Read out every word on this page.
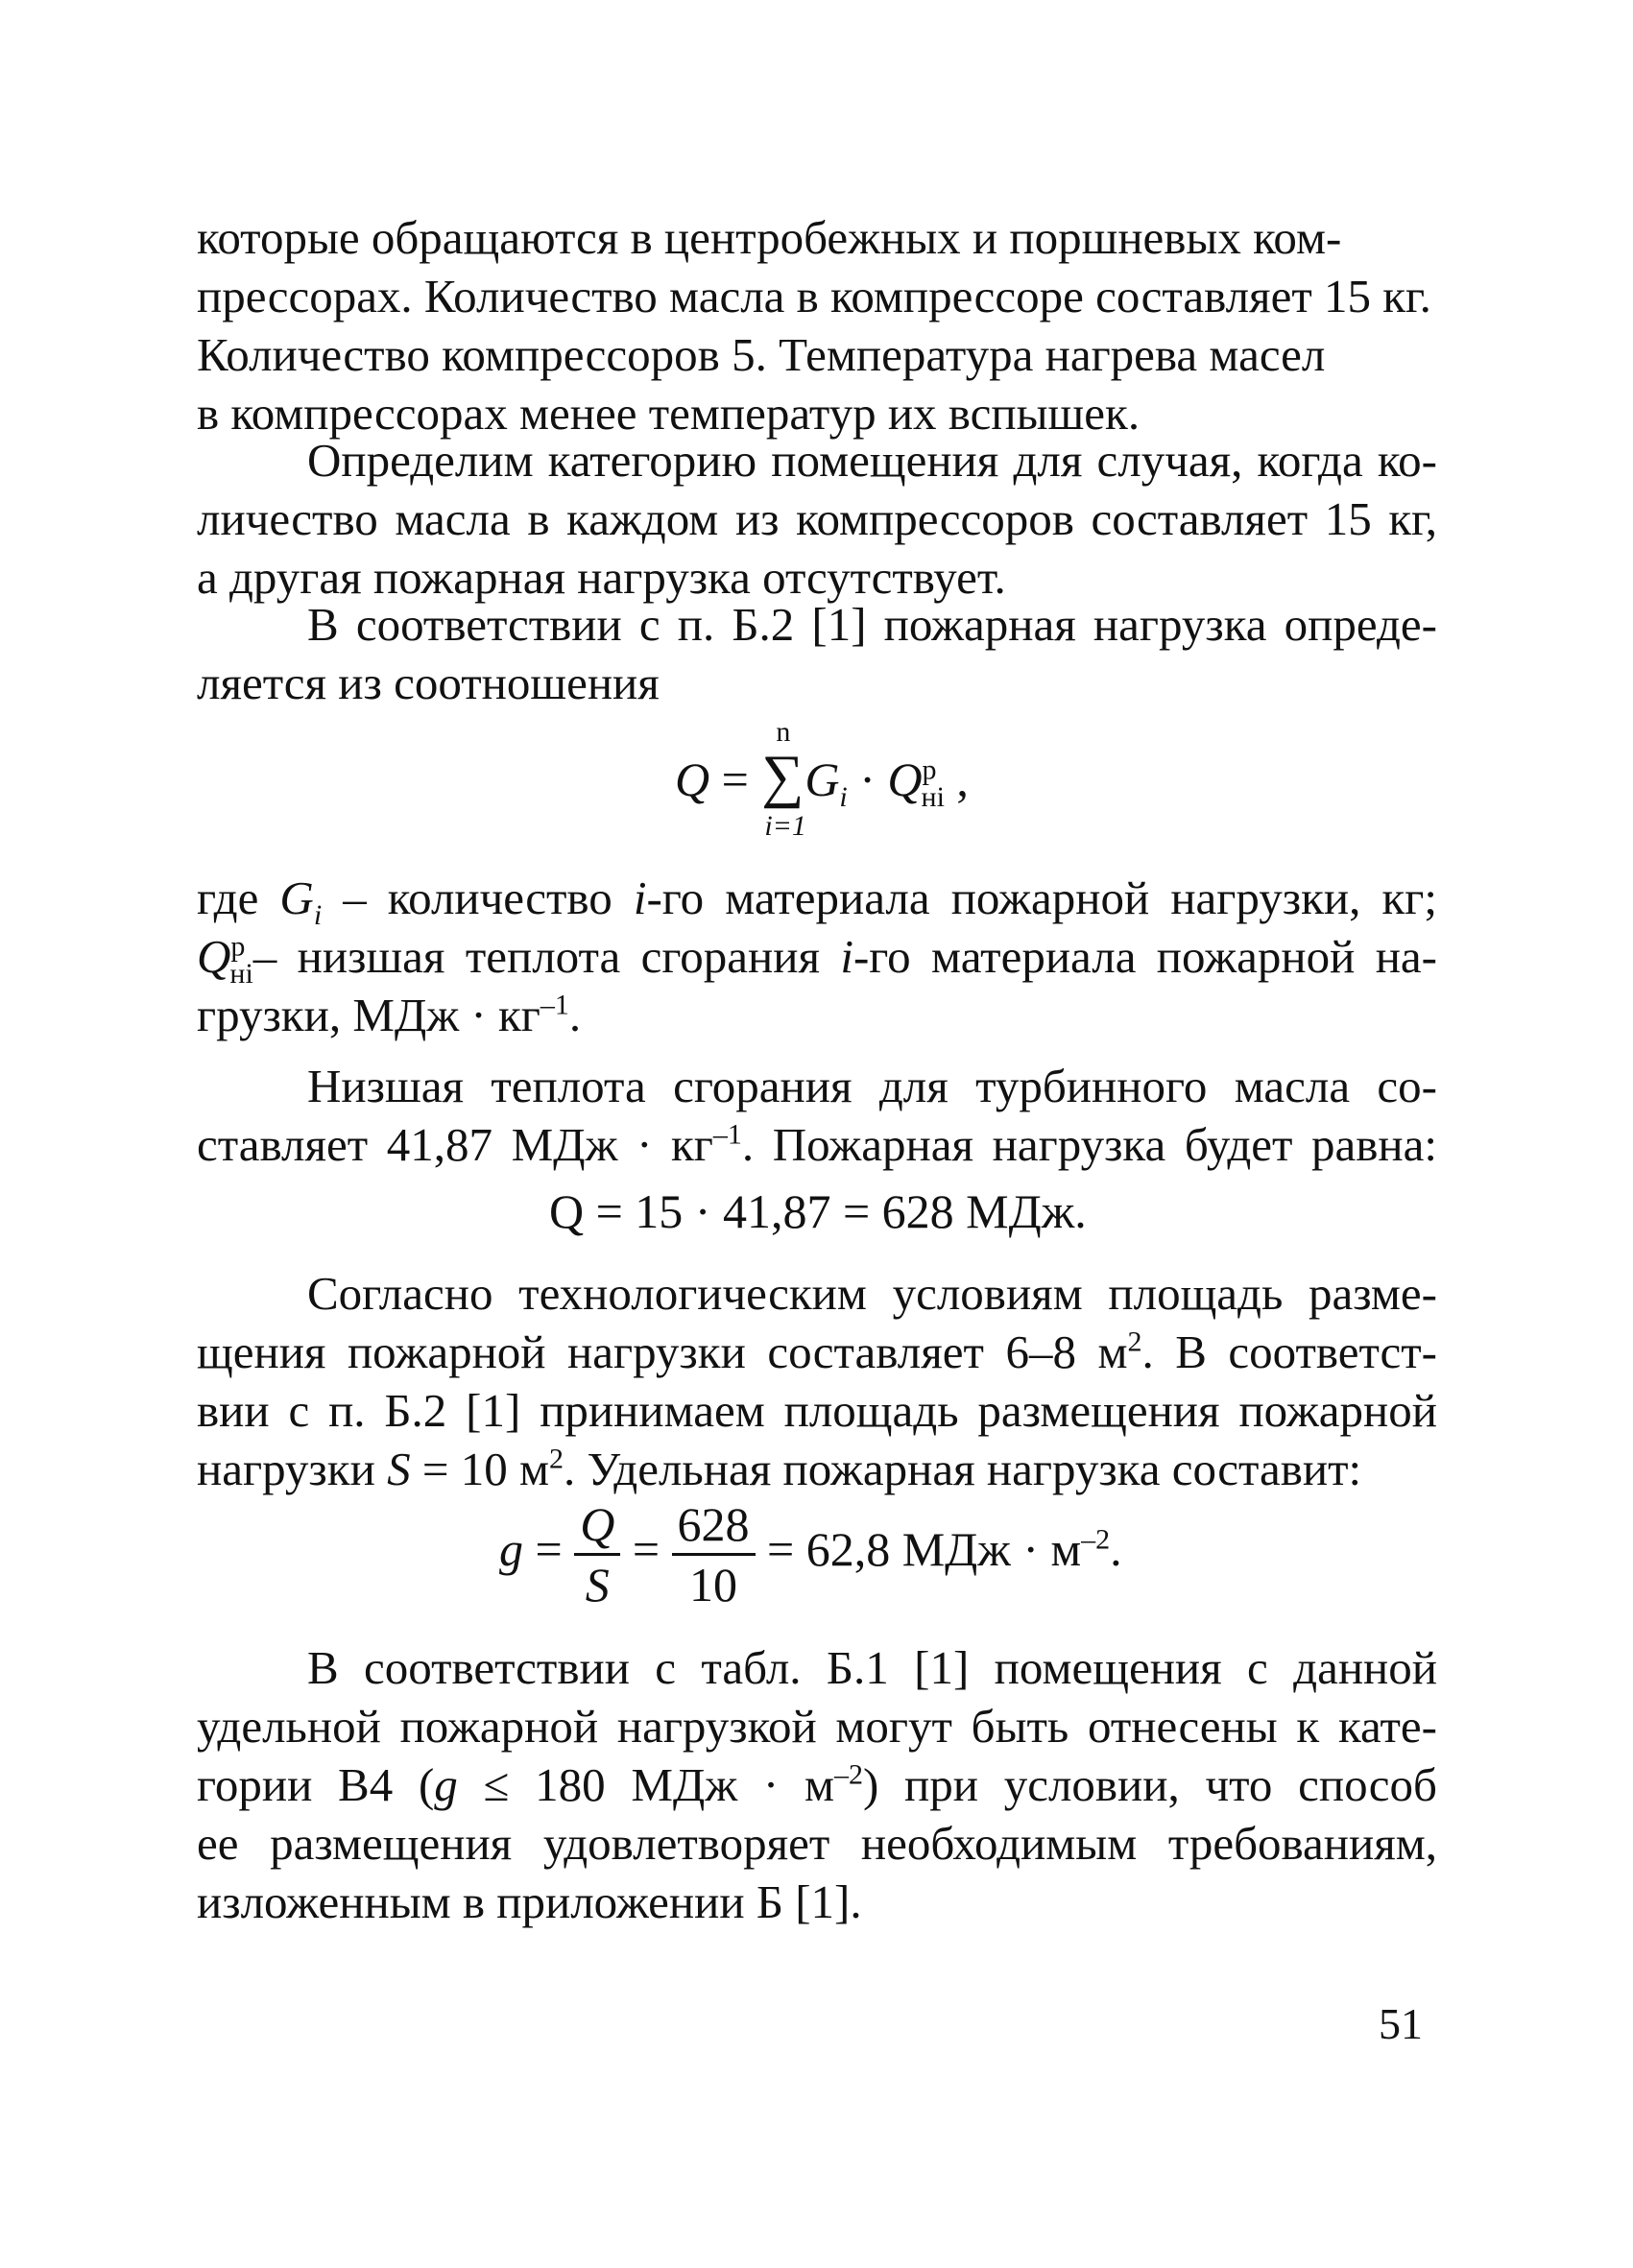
которые обращаются в центробежных и поршневых ком-
прессорах. Количество масла в компрессоре составляет 15 кг.
Количество компрессоров 5. Температура нагрева масел
в компрессорах менее температур их вспышек.
Определим категорию помещения для случая, когда ко-
личество масла в каждом из компрессоров составляет 15 кг,
а другая пожарная нагрузка отсутствует.
В соответствии с п. Б.2 [1] пожарная нагрузка опреде-
ляется из соотношения
Q =
n
∑
i=1
$G_i \cdot Q^р_{нi}$ ,
где $G_i$ – количество i-го материала пожарной нагрузки, кг;
$Q^р_{нi}-$ низшая теплота сгорания i-го материала пожарной на-
грузки, МДж · $кг^{-1}$.
Низшая теплота сгорания для турбинного масла со-
ставляет 41,87 МДж · $кг^{-1}$. Пожарная нагрузка будет равна:
Q = 15 · 41,87 = 628 МДж.
Согласно технологическим условиям площадь разме-
щения пожарной нагрузки составляет 6–8 $м^2$. В соответст-
вии с п. Б.2 [1] принимаем площадь размещения пожарной
нагрузки S = 10 $м^2$. Удельная пожарная нагрузка составит:
$g = \frac{Q}{S} = \frac{628}{10} = 62,8$ МДж · $м^{-2}$.
В соответствии с табл. Б.1 [1] помещения с данной
удельной пожарной нагрузкой могут быть отнесены к кате-
гории В4 (g ≤ 180 МДж · $м^{-2}$) при условии, что способ
ее размещения удовлетворяет необходимым требованиям,
изложенным в приложении Б [1].
51
